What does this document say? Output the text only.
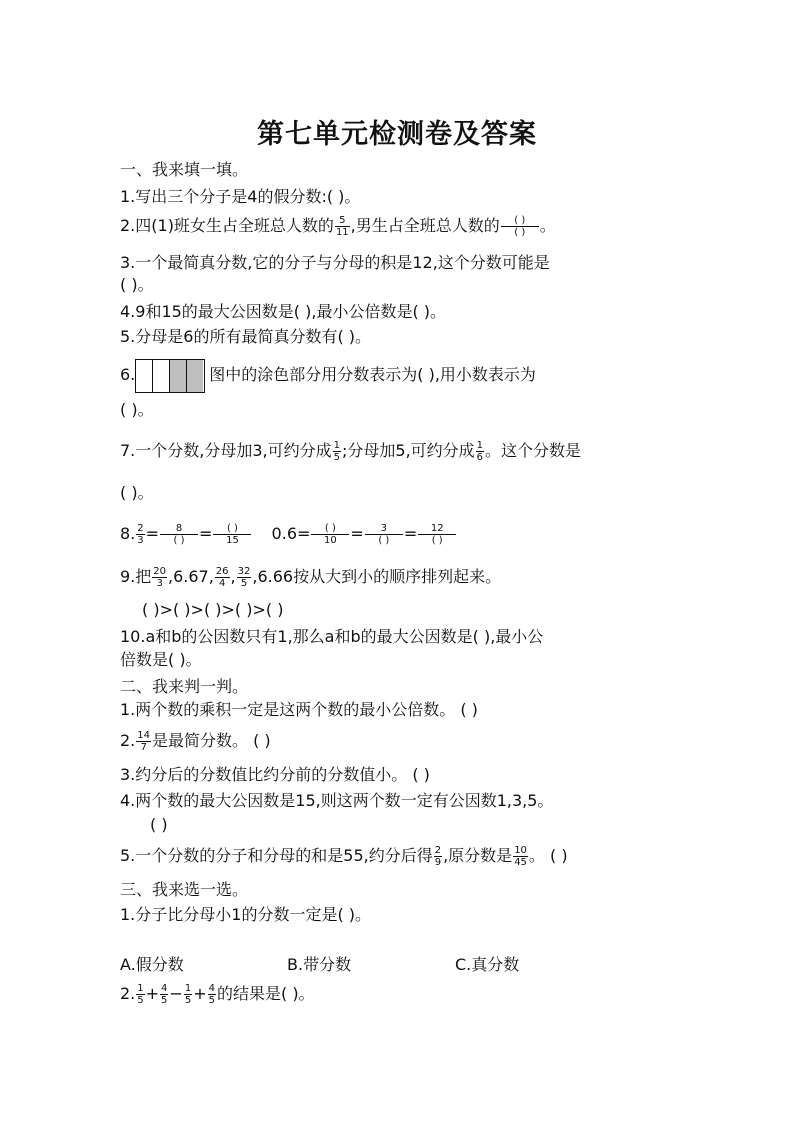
第七单元检测卷及答案
一、我来填一填。
1.写出三个分子是4的假分数:( )。
2.四(1)班女生占全班总人数的 $\frac{5}{11}$ ,男生占全班总人数的	( )
( ) 。
3.一个最简真分数,它的分子与分母的积是12,这个分数可能是
( )。
4.9和15的最大公因数是( ),最小公倍数是( )。
5.分母是6的所有最简真分数有( )。
6.	图中的涂色部分用分数表示为( ),用小数表示为
( )。
7.一个分数,分母加3,可约分成 $\frac{1}{5}$ ;分母加5,可约分成 $\frac{1}{6}$ 。这个分数是
( )。
8. $\frac{2}{3}$ =	8
( ) =	( )
15	0.6=	( )
10 =	3
( ) =	12
( )
9.把 $\frac{20}{3} ,6.67$, $\frac{26}{4}$ , $\frac{32}{5} ,6.66$按从大到小的顺序排列起来。
( )>( )>( )>( )>( )
10.a和b的公因数只有1,那么a和b的最大公因数是( ),最小公
倍数是( )。
二、我来判一判。
1.两个数的乘积一定是这两个数的最小公倍数。 ( )
2. $\frac{14}{7}$ 是最简分数。 ( )
3.约分后的分数值比约分前的分数值小。 ( )
4.两个数的最大公因数是15,则这两个数一定有公因数1,3,5。
( )
5.一个分数的分子和分母的和是55,约分后得 $\frac{2}{9}$ ,原分数是 $\frac{10}{45}$ 。 ( )
三、我来选一选。
1.分子比分母小1的分数一定是( )。
A.假分数	B.带分数	C.真分数
2. $\frac{1}{5} + \frac{4}{5} - \frac{1}{5} + \frac{4}{5}$ 的结果是( )。
